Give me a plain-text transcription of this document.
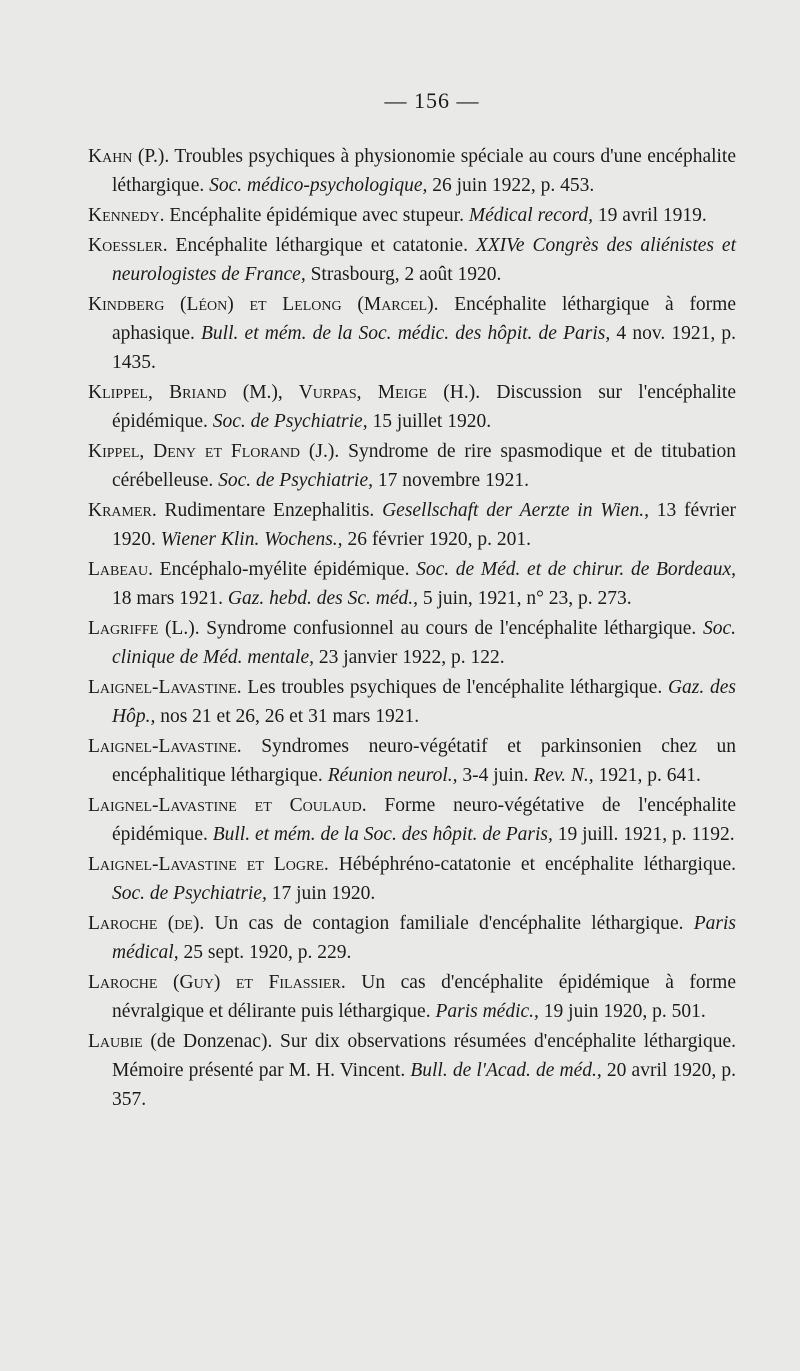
— 156 —
Kahn (P.). Troubles psychiques à physionomie spéciale au cours d'une encéphalite léthargique. Soc. médico-psychologique, 26 juin 1922, p. 453.
Kennedy. Encéphalite épidémique avec stupeur. Médical record, 19 avril 1919.
Koessler. Encéphalite léthargique et catatonie. XXIVe Congrès des aliénistes et neurologistes de France, Strasbourg, 2 août 1920.
Kindberg (Léon) et Lelong (Marcel). Encéphalite léthargique à forme aphasique. Bull. et mém. de la Soc. médic. des hôpit. de Paris, 4 nov. 1921, p. 1435.
Klippel, Briand (M.), Vurpas, Meige (H.). Discussion sur l'encéphalite épidémique. Soc. de Psychiatrie, 15 juillet 1920.
Kippel, Deny et Florand (J.). Syndrome de rire spasmodique et de titubation cérébelleuse. Soc. de Psychiatrie, 17 novembre 1921.
Kramer. Rudimentare Enzephalitis. Gesellschaft der Aerzte in Wien., 13 février 1920. Wiener Klin. Wochens., 26 février 1920, p. 201.
Labeau. Encéphalo-myélite épidémique. Soc. de Méd. et de chirur. de Bordeaux, 18 mars 1921. Gaz. hebd. des Sc. méd., 5 juin, 1921, n° 23, p. 273.
Lagriffe (L.). Syndrome confusionnel au cours de l'encéphalite léthargique. Soc. clinique de Méd. mentale, 23 janvier 1922, p. 122.
Laignel-Lavastine. Les troubles psychiques de l'encéphalite léthargique. Gaz. des Hôp., nos 21 et 26, 26 et 31 mars 1921.
Laignel-Lavastine. Syndromes neuro-végétatif et parkinsonien chez un encéphalitique léthargique. Réunion neurol., 3-4 juin. Rev. N., 1921, p. 641.
Laignel-Lavastine et Coulaud. Forme neuro-végétative de l'encéphalite épidémique. Bull. et mém. de la Soc. des hôpit. de Paris, 19 juill. 1921, p. 1192.
Laignel-Lavastine et Logre. Hébéphréno-catatonie et encéphalite léthargique. Soc. de Psychiatrie, 17 juin 1920.
Laroche (de). Un cas de contagion familiale d'encéphalite léthargique. Paris médical, 25 sept. 1920, p. 229.
Laroche (Guy) et Filassier. Un cas d'encéphalite épidémique à forme névralgique et délirante puis léthargique. Paris médic., 19 juin 1920, p. 501.
Laubie (de Donzenac). Sur dix observations résumées d'encéphalite léthargique. Mémoire présenté par M. H. Vincent. Bull. de l'Acad. de méd., 20 avril 1920, p. 357.
